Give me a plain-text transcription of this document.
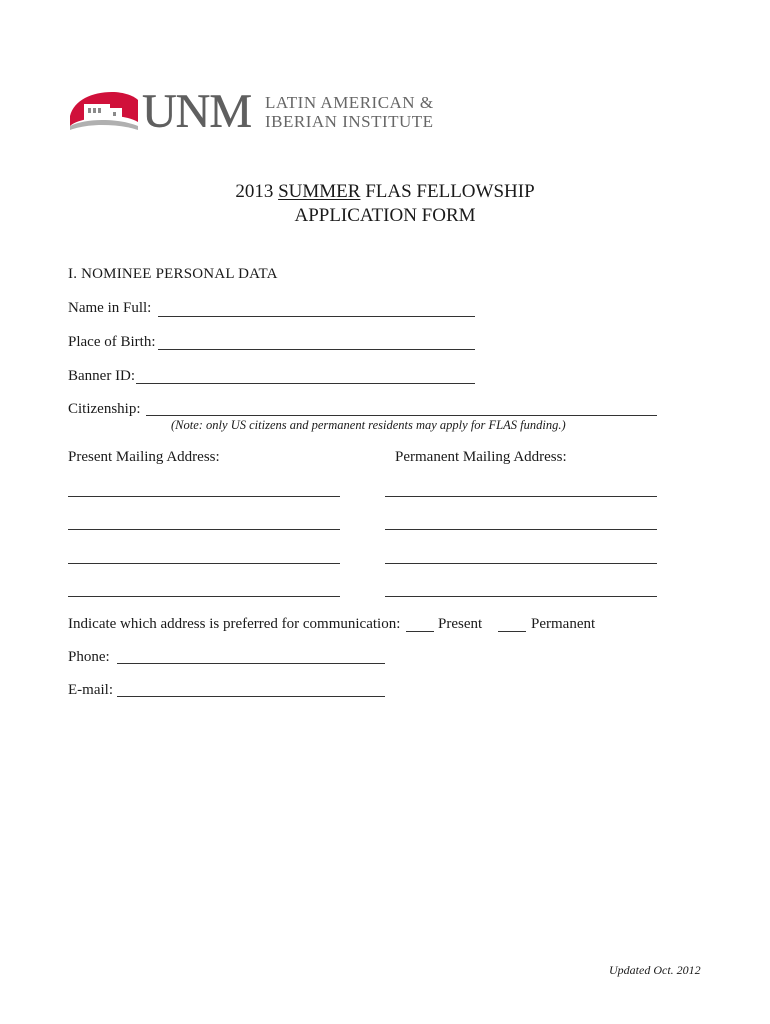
UNM LATIN AMERICAN &
IBERIAN INSTITUTE
2013 SUMMER FLAS FELLOWSHIP
APPLICATION FORM
I. NOMINEE PERSONAL DATA
Name in Full:
Place of Birth:
Banner ID:
Citizenship:
(Note: only US citizens and permanent residents may apply for FLAS funding.)
Present Mailing Address:	Permanent Mailing Address:
Indicate which address is preferred for communication:	Present	Permanent
Phone:
E-mail:
Updated Oct. 2012
